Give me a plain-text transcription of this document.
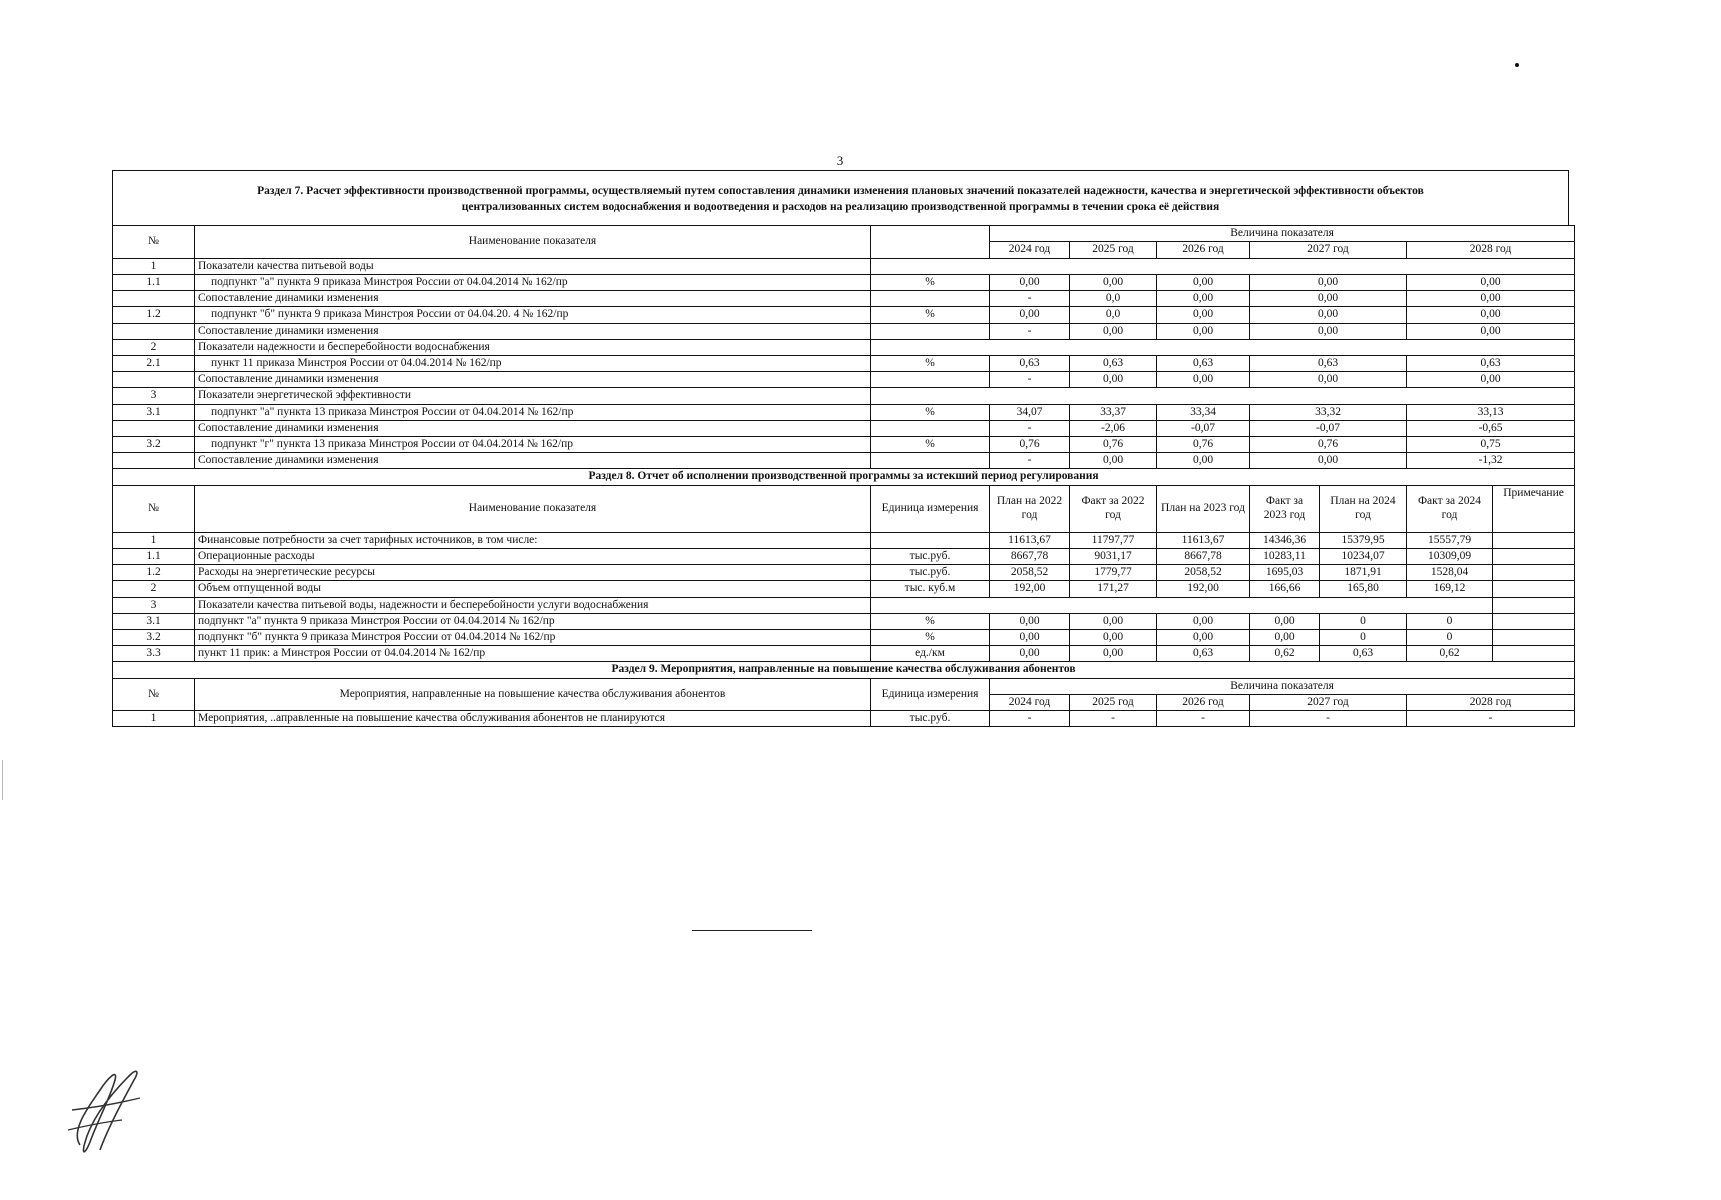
3
Раздел 7. Расчет эффективности производственной программы, осуществляемый путем сопоставления динамики изменения плановых значений показателей надежности, качества и энергетической эффективности объектов
централизованных систем водоснабжения и водоотведения и расходов на реализацию производственной программы в течении срока её действия
№	Наименование показателя		Величина показателя						
			2024 год	2025 год	2026 год	2027 год		2028 год	
1	Показатели качества питьевой воды								
1.1	подпункт "а" пункта 9 приказа Минстроя России от 04.04.2014 № 162/пр	%	0,00	0,00	0,00	0,00		0,00	
	Сопоставление динамики изменения		-	0,0	0,00	0,00		0,00	
1.2	подпункт "б" пункта 9 приказа Минстроя России от 04.04.20. 4 № 162/пр	%	0,00	0,0	0,00	0,00		0,00	
	Сопоставление динамики изменения		-	0,00	0,00	0,00		0,00	
2	Показатели надежности и бесперебойности водоснабжения								
2.1	пункт 11 приказа Минстроя России от 04.04.2014 № 162/пр	%	0,63	0,63	0,63	0,63		0,63	
	Сопоставление динамики изменения		-	0,00	0,00	0,00		0,00	
3	Показатели энергетической эффективности								
3.1	подпункт "а" пункта 13 приказа Минстроя России от 04.04.2014 № 162/пр	%	34,07	33,37	33,34	33,32		33,13	
	Сопоставление динамики изменения		-	-2,06	-0,07	-0,07		-0,65	
3.2	подпункт "г" пункта 13 приказа Минстроя России от 04.04.2014 № 162/пр	%	0,76	0,76	0,76	0,76		0,75	
	Сопоставление динамики изменения		-	0,00	0,00	0,00		-1,32	
Раздел 8. Отчет об исполнении производственной программы за истекший период регулирования									
№	Наименование показателя	Единица измерения	План на 2022 год	Факт за 2022 год	План на 2023 год	Факт за 2023 год	План на 2024 год	Факт за 2024 год	Примечание
1	Финансовые потребности за счет тарифных источников, в том числе:		11613,67	11797,77	11613,67	14346,36	15379,95	15557,79	
1.1	Операционные расходы	тыс.руб.	8667,78	9031,17	8667,78	10283,11	10234,07	10309,09	
1.2	Расходы на энергетические ресурсы	тыс.руб.	2058,52	1779,77	2058,52	1695,03	1871,91	1528,04	
2	Объем отпущенной воды	тыс. куб.м	192,00	171,27	192,00	166,66	165,80	169,12	
3	Показатели качества питьевой воды, надежности и бесперебойности услуги водоснабжения								
3.1	подпункт "а" пункта 9 приказа Минстроя России от 04.04.2014 № 162/пр	%	0,00	0,00	0,00	0,00	0	0	
3.2	подпункт "б" пункта 9 приказа Минстроя России от 04.04.2014 № 162/пр	%	0,00	0,00	0,00	0,00	0	0	
3.3	пункт 11 прик: а Минстроя России от 04.04.2014 № 162/пр	ед./км	0,00	0,00	0,63	0,62	0,63	0,62	
Раздел 9. Мероприятия, направленные на повышение качества обслуживания абонентов									
№	Мероприятия, направленные на повышение качества обслуживания абонентов	Единица измерения	Величина показателя						
			2024 год	2025 год	2026 год	2027 год		2028 год	
1	Мероприятия, ..аправленные на повышение качества обслуживания абонентов не планируются	тыс.руб.	-	-	-	-		-	
